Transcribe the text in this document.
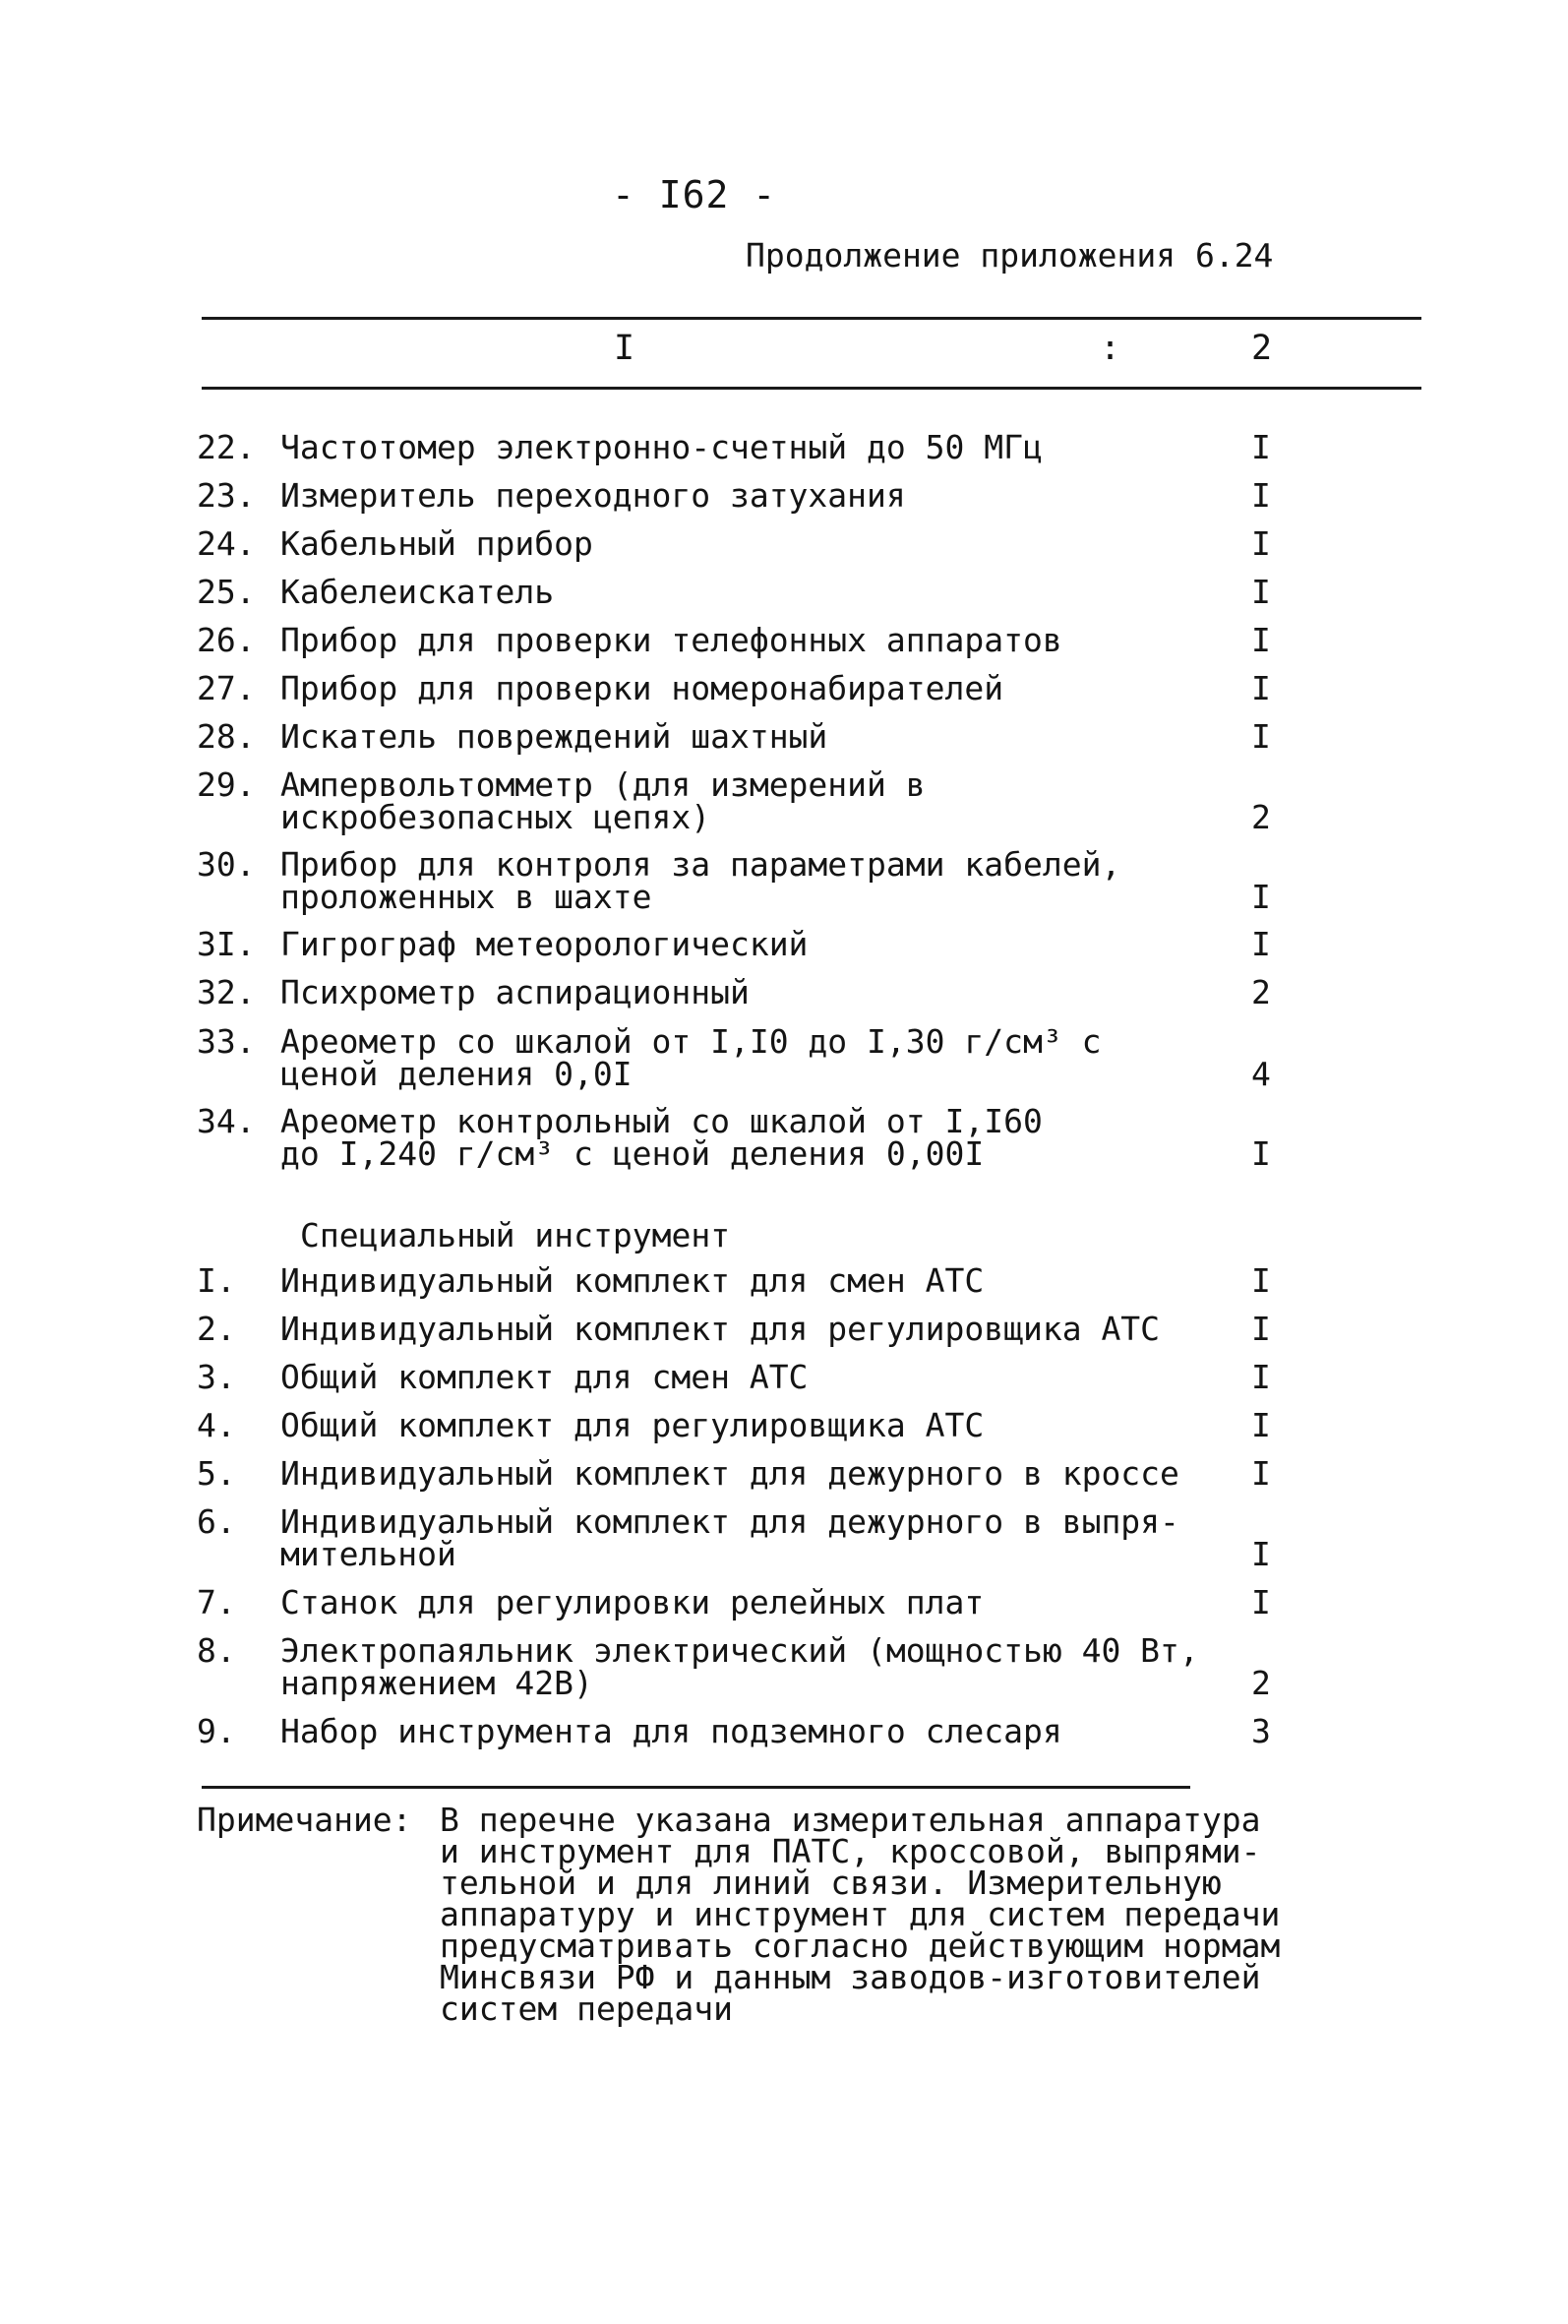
- I62 -
Продолжение приложения 6.24
I	:	2
22. Частотомер электронно-счетный до 50 МГц	I
23. Измеритель переходного затухания	I
24. Кабельный прибор	I
25. Кабелеискатель	I
26. Прибор для проверки телефонных аппаратов	I
27. Прибор для проверки номеронабирателей	I
28. Искатель повреждений шахтный	I
29. Ампервольтомметр (для измерений в
искробезопасных цепях)	2
30. Прибор для контроля за параметрами кабелей,
проложенных в шахте	I
3I. Гигрограф метеорологический	I
32. Психрометр аспирационный	2
33. Ареометр со шкалой от I,I0 до I,30 г/см³ с
ценой деления 0,0I	4
34. Ареометр контрольный со шкалой от I,I60
до I,240 г/см³ с ценой деления 0,00I	I
Специальный инструмент
I.	Индивидуальный комплект для смен АТС	I
2.	Индивидуальный комплект для регулировщика АТС	I
3.	Общий комплект для смен АТС	I
4.	Общий комплект для регулировщика АТС	I
5.	Индивидуальный комплект для дежурного в кроссе	I
6.	Индивидуальный комплект для дежурного в выпря-
мительной	I
7.	Станок для регулировки релейных плат	I
8.	Электропаяльник электрический (мощностью 40 Вт,
напряжением 42В)	2
9.	Набор инструмента для подземного слесаря	3
Примечание: В перечне указана измерительная аппаратура
и инструмент для ПАТС, кроссовой, выпрями-
тельной и для линий связи. Измерительную
аппаратуру и инструмент для систем передачи
предусматривать согласно действующим нормам
Минсвязи РФ и данным заводов-изготовителей
систем передачи
